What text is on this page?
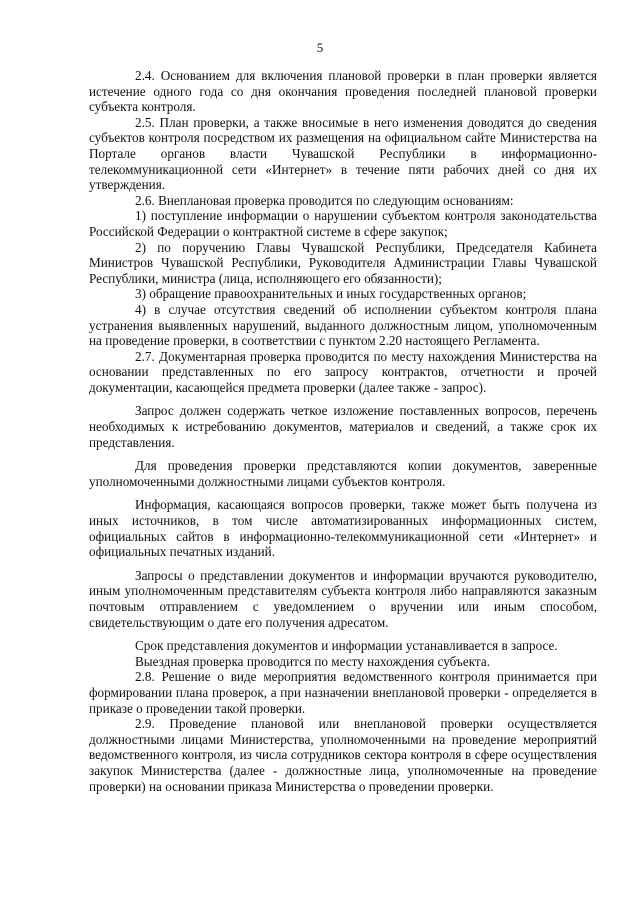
5

2.4. Основанием для включения плановой проверки в план проверки является истечение одного года со дня окончания проведения последней плановой проверки субъекта контроля.

2.5. План проверки, а также вносимые в него изменения доводятся до сведения субъектов контроля посредством их размещения на официальном сайте Министерства на Портале органов власти Чувашской Республики в информационно-телекоммуникационной сети «Интернет» в течение пяти рабочих дней со дня их утверждения.

2.6. Внеплановая проверка проводится по следующим основаниям:

1) поступление информации о нарушении субъектом контроля законодательства Российской Федерации о контрактной системе в сфере закупок;

2) по поручению Главы Чувашской Республики, Председателя Кабинета Министров Чувашской Республики, Руководителя Администрации Главы Чувашской Республики, министра (лица, исполняющего его обязанности);

3) обращение правоохранительных и иных государственных органов;

4) в случае отсутствия сведений об исполнении субъектом контроля плана устранения выявленных нарушений, выданного должностным лицом, уполномоченным на проведение проверки, в соответствии с пунктом 2.20 настоящего Регламента.

2.7. Документарная проверка проводится по месту нахождения Министерства на основании представленных по его запросу контрактов, отчетности и прочей документации, касающейся предмета проверки (далее также - запрос).

Запрос должен содержать четкое изложение поставленных вопросов, перечень необходимых к истребованию документов, материалов и сведений, а также срок их представления.

Для проведения проверки представляются копии документов, заверенные уполномоченными должностными лицами субъектов контроля.

Информация, касающаяся вопросов проверки, также может быть получена из иных источников, в том числе автоматизированных информационных систем, официальных сайтов в информационно-телекоммуникационной сети «Интернет» и официальных печатных изданий.

Запросы о представлении документов и информации вручаются руководителю, иным уполномоченным представителям субъекта контроля либо направляются заказным почтовым отправлением с уведомлением о вручении или иным способом, свидетельствующим о дате его получения адресатом.

Срок представления документов и информации устанавливается в запросе.

Выездная проверка проводится по месту нахождения субъекта.

2.8. Решение о виде мероприятия ведомственного контроля принимается при формировании плана проверок, а при назначении внеплановой проверки - определяется в приказе о проведении такой проверки.

2.9. Проведение плановой или внеплановой проверки осуществляется должностными лицами Министерства, уполномоченными на проведение мероприятий ведомственного контроля, из числа сотрудников сектора контроля в сфере осуществления закупок Министерства (далее - должностные лица, уполномоченные на проведение проверки) на основании приказа Министерства о проведении проверки.
